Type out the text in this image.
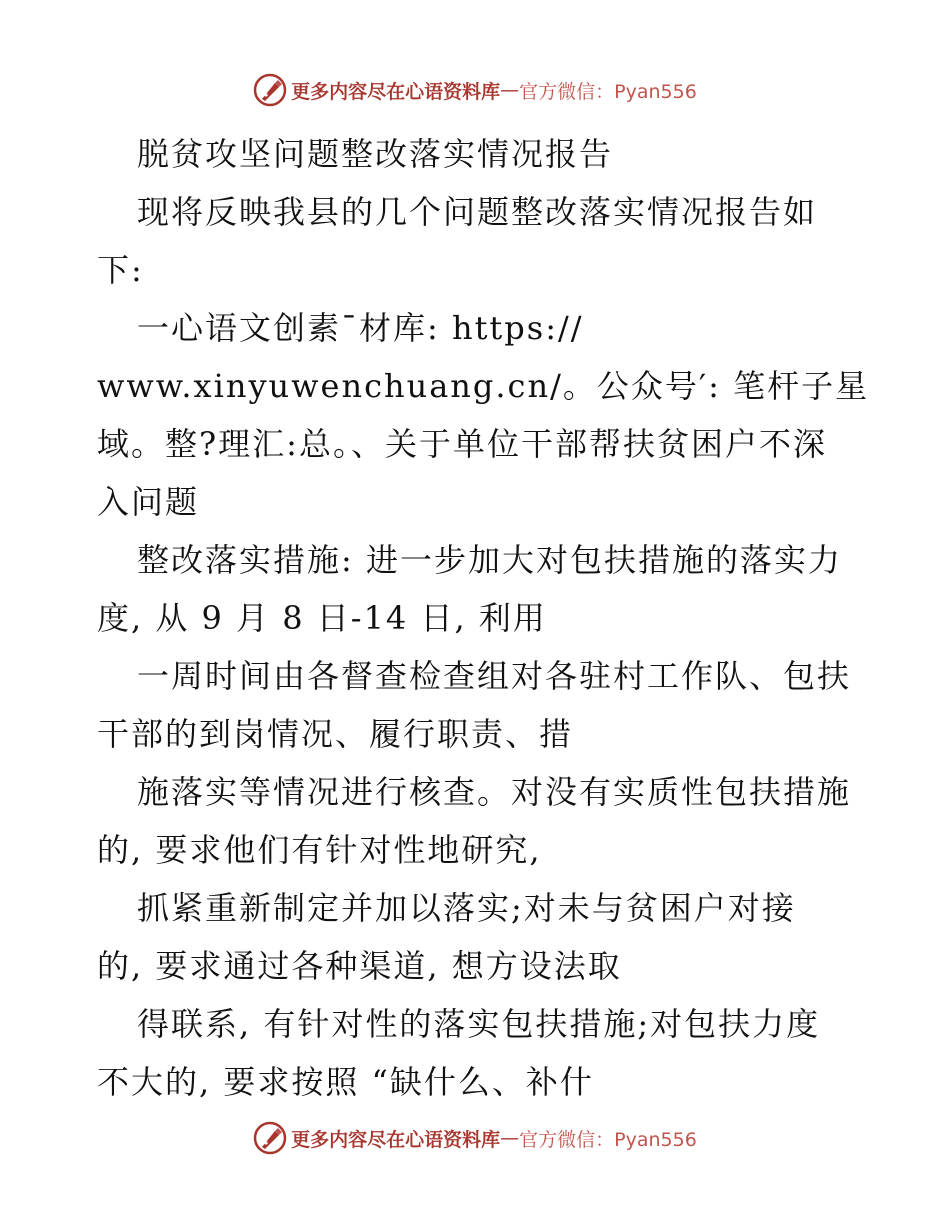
更多内容尽在心语资料库 — 官方微信：Pyan556
脱贫攻坚问题整改落实情况报告
现将反映我县的几个问题整改落实情况报告如
下:
一心语文创素¯材库: https://
www.xinyuwenchuang.cn/。公众号′: 笔杆子星
域。整?理汇:总。、关于单位干部帮扶贫困户不深
入问题
整改落实措施: 进一步加大对包扶措施的落实力
度, 从 9 月 8 日-14 日, 利用
一周时间由各督查检查组对各驻村工作队、包扶
干部的到岗情况、履行职责、措
施落实等情况进行核查。对没有实质性包扶措施
的, 要求他们有针对性地研究,
抓紧重新制定并加以落实;对未与贫困户对接
的, 要求通过各种渠道, 想方设法取
得联系, 有针对性的落实包扶措施;对包扶力度
不大的, 要求按照 “缺什么、补什
更多内容尽在心语资料库 — 官方微信：Pyan556
